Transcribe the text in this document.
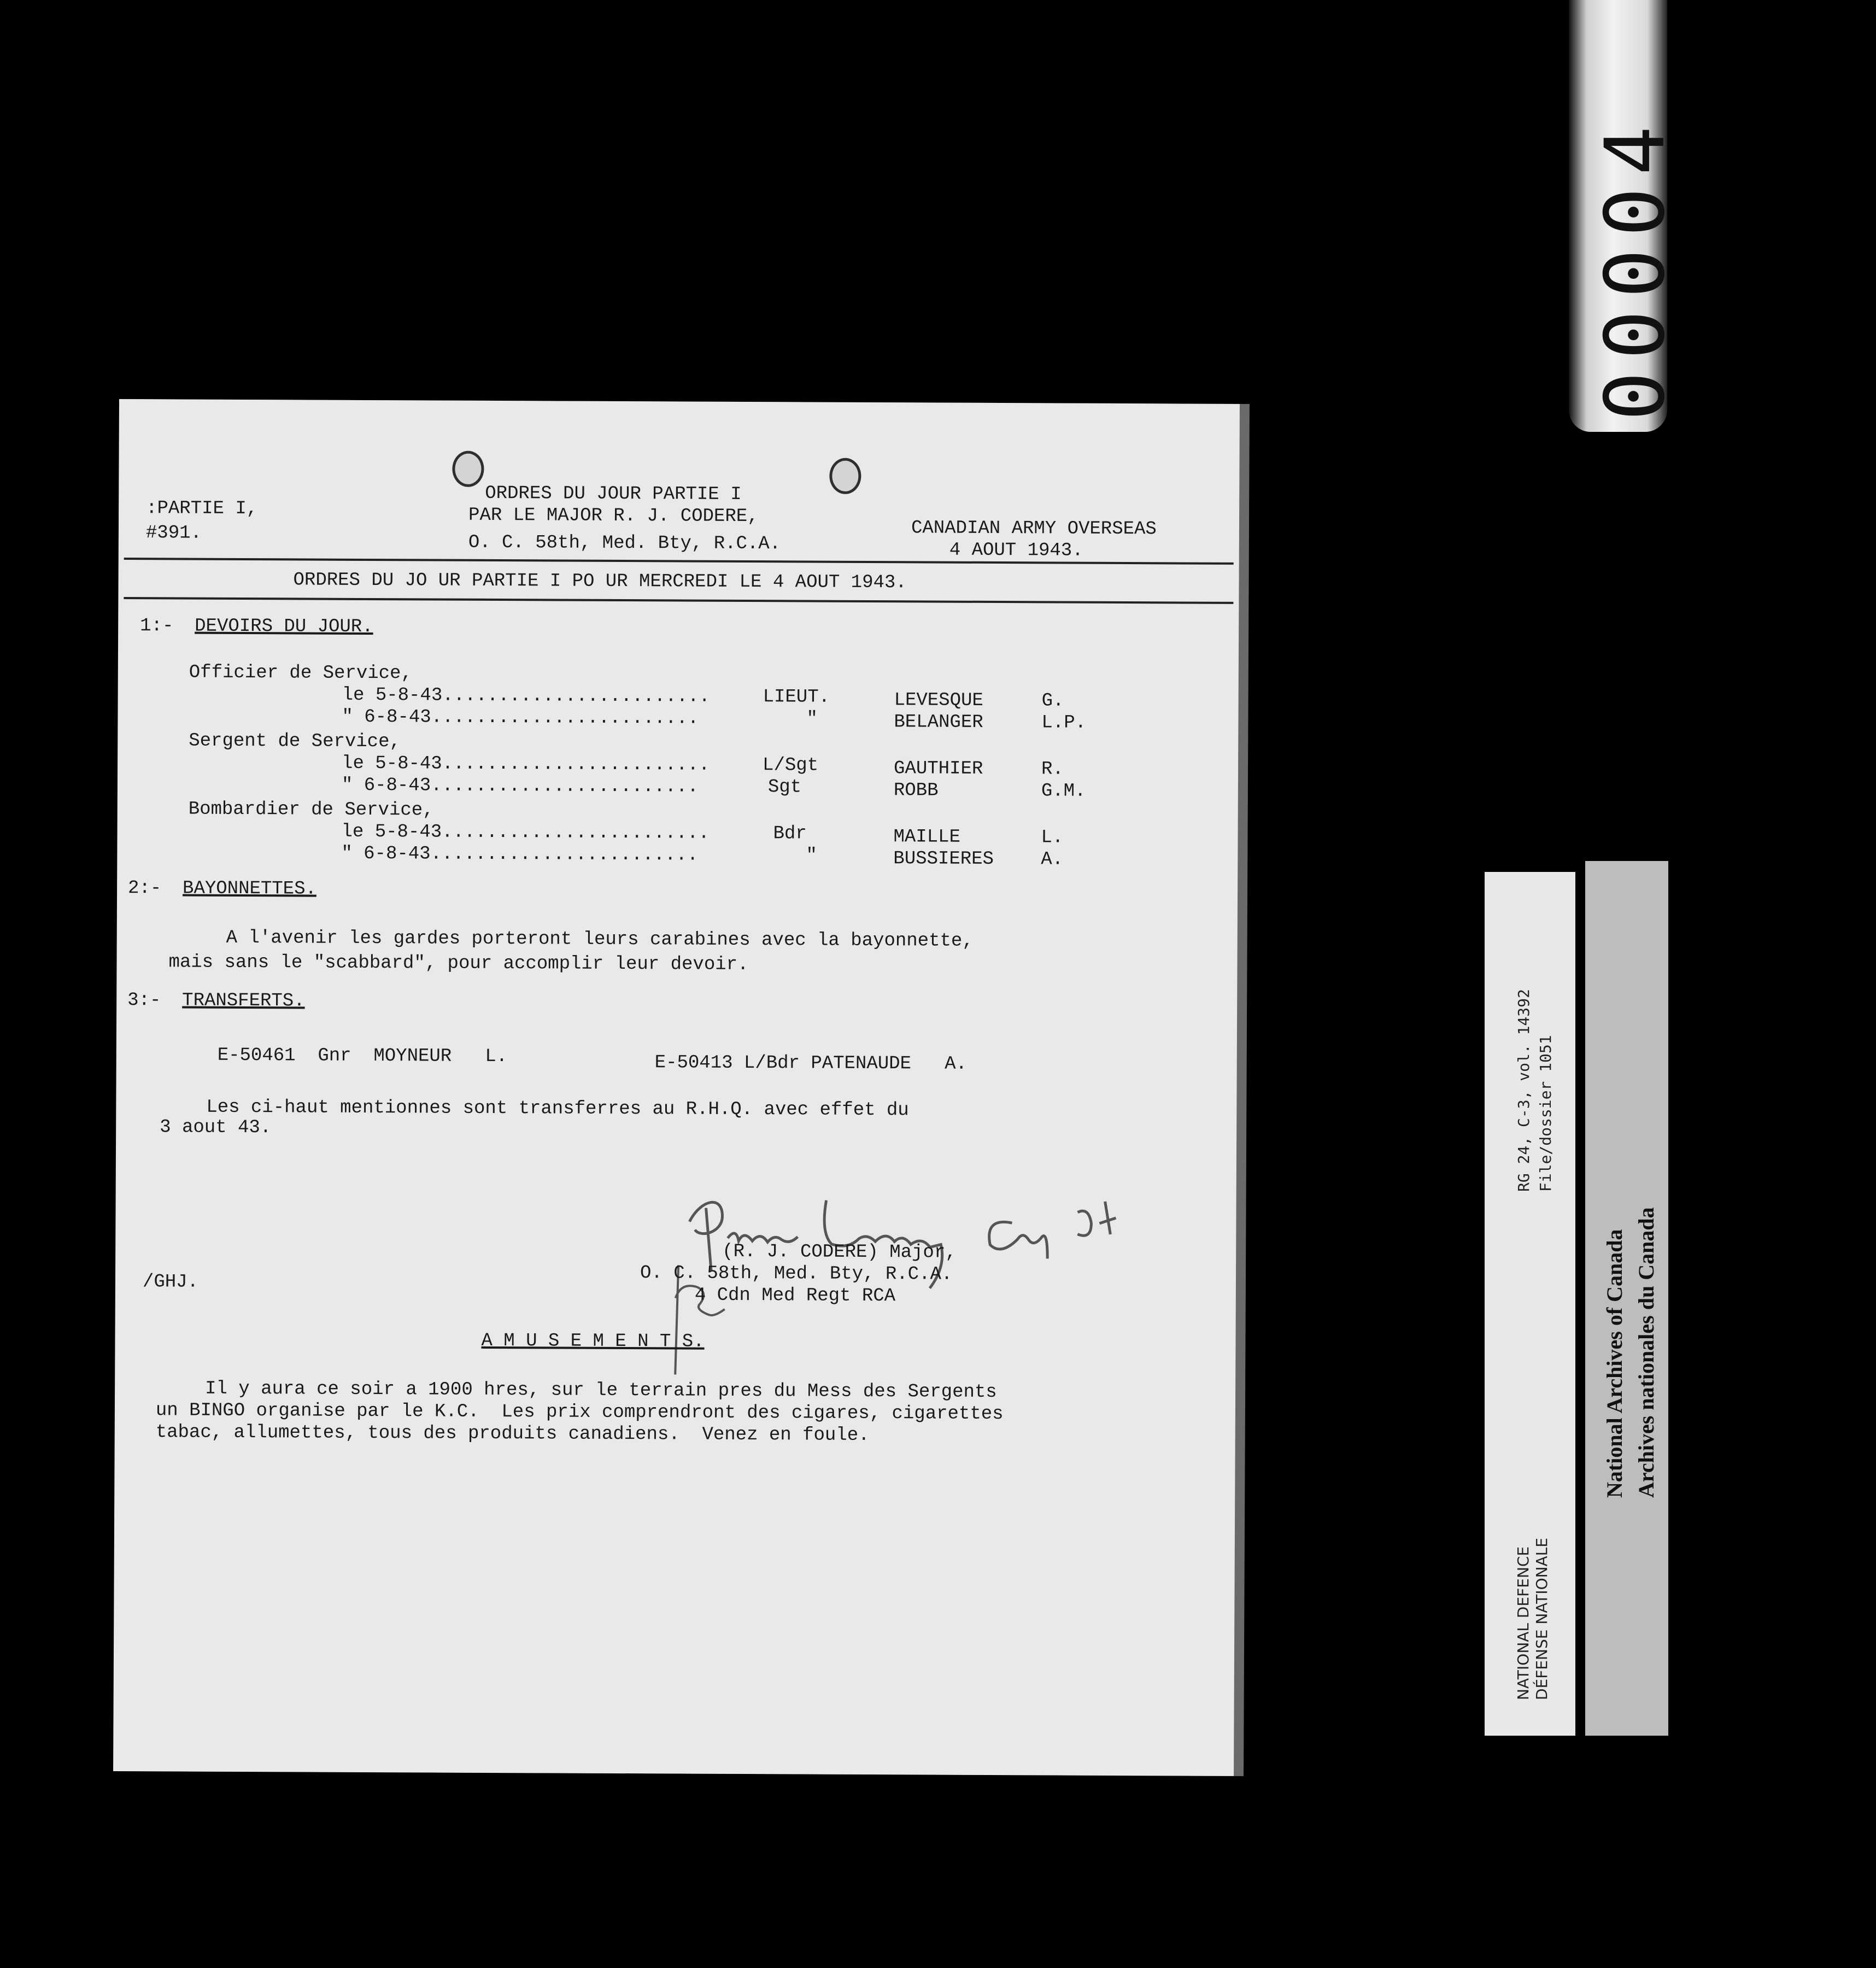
00004
ORDRES DU JOUR PARTIE I
:PARTIE I,	PAR LE MAJOR R. J. CODERE,
CANADIAN ARMY OVERSEAS
#391.	O. C. 58th, Med. Bty, R.C.A.	4 AOUT 1943.
ORDRES DU JO UR PARTIE I PO UR MERCREDI LE 4 AOUT 1943.
1:- DEVOIRS DU JOUR.
Officier de Service,
le 5-8-43........................	LIEUT.	LEVESQUE	G.
" 6-8-43........................	"	BELANGER	L.P.
Sergent de Service,
le 5-8-43........................	L/Sgt	GAUTHIER	R.
" 6-8-43........................	Sgt	ROBB	G.M.
Bombardier de Service,
le 5-8-43........................	Bdr	MAILLE	L.
" 6-8-43........................	"	BUSSIERES	A.
2:- BAYONNETTES.
A l'avenir les gardes porteront leurs carabines avec la bayonnette,
mais sans le "scabbard", pour accomplir leur devoir.
3:- TRANSFERTS.
E-50461  Gnr  MOYNEUR   L.	E-50413 L/Bdr PATENAUDE   A.
Les ci-haut mentionnes sont transferres au R.H.Q. avec effet du
3 aout 43.
(R. J. CODERE) Major,
O. C. 58th, Med. Bty, R.C.A.
4 Cdn Med Regt RCA
/GHJ.
A M U S E M E N T S.
Il y aura ce soir a 1900 hres, sur le terrain pres du Mess des Sergents
un BINGO organise par le K.C.  Les prix comprendront des cigares, cigarettes
tabac, allumettes, tous des produits canadiens.  Venez en foule.
RG 24, C-3, vol. 14392 File/dossier 1051
NATIONAL DEFENCE DÉFENSE NATIONALE
National Archives of Canada Archives nationales du Canada
